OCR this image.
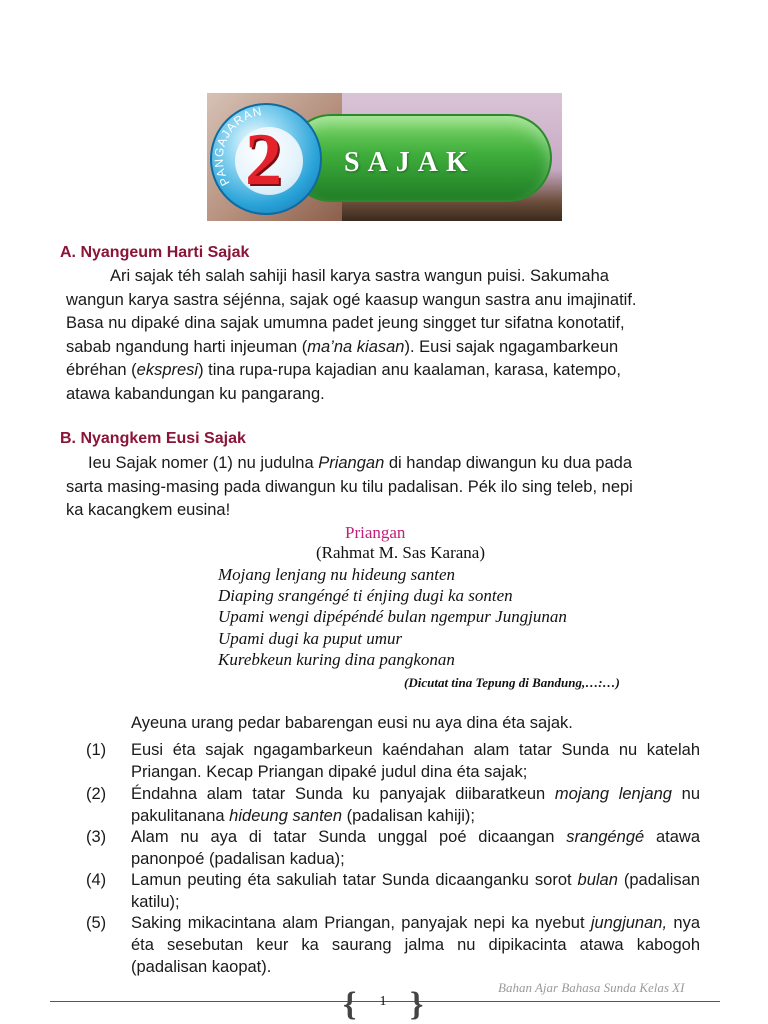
SAJAK
PANGAJARAN
2
A. Nyangeum Harti Sajak
Ari sajak téh salah sahiji hasil karya sastra wangun puisi. Sakumaha
wangun karya sastra séjénna, sajak ogé kaasup wangun sastra anu imajinatif.
Basa nu dipaké dina sajak umumna padet jeung singget tur sifatna konotatif,
sabab ngandung harti injeuman (ma’na kiasan). Eusi sajak ngagambarkeun
ébréhan (ekspresi) tina rupa-rupa kajadian anu kaalaman, karasa, katempo,
atawa kabandungan ku pangarang.
B. Nyangkem Eusi Sajak
Ieu Sajak nomer (1) nu judulna Priangan di handap diwangun ku dua pada
sarta masing-masing pada diwangun ku tilu padalisan. Pék ilo sing teleb, nepi
ka kacangkem eusina!
Priangan
(Rahmat M. Sas Karana)
Mojang lenjang nu hideung santen
Diaping srangéngé ti énjing dugi ka sonten
Upami wengi dipépéndé bulan ngempur Jungjunan
Upami dugi ka puput umur
Kurebkeun kuring dina pangkonan
(Dicutat tina Tepung di Bandung,…:…)
Ayeuna urang pedar babarengan eusi nu aya dina éta sajak.
(1)	Eusi éta sajak ngagambarkeun kaéndahan alam tatar Sunda nu katelah Priangan. Kecap Priangan dipaké judul dina éta sajak;
(2)	Éndahna alam tatar Sunda ku panyajak diibaratkeun mojang lenjang nu pakulitanana hideung santen (padalisan kahiji);
(3)	Alam nu aya di tatar Sunda unggal poé dicaangan srangéngé atawa panonpoé (padalisan kadua);
(4)	Lamun peuting éta sakuliah tatar Sunda dicaanganku sorot bulan (padalisan katilu);
(5)	Saking mikacintana alam Priangan, panyajak nepi ka nyebut jungjunan, nya éta sesebutan keur ka saurang jalma nu dipikacinta atawa kabogoh (padalisan kaopat).
{ }
1
Bahan Ajar Bahasa Sunda Kelas XI
